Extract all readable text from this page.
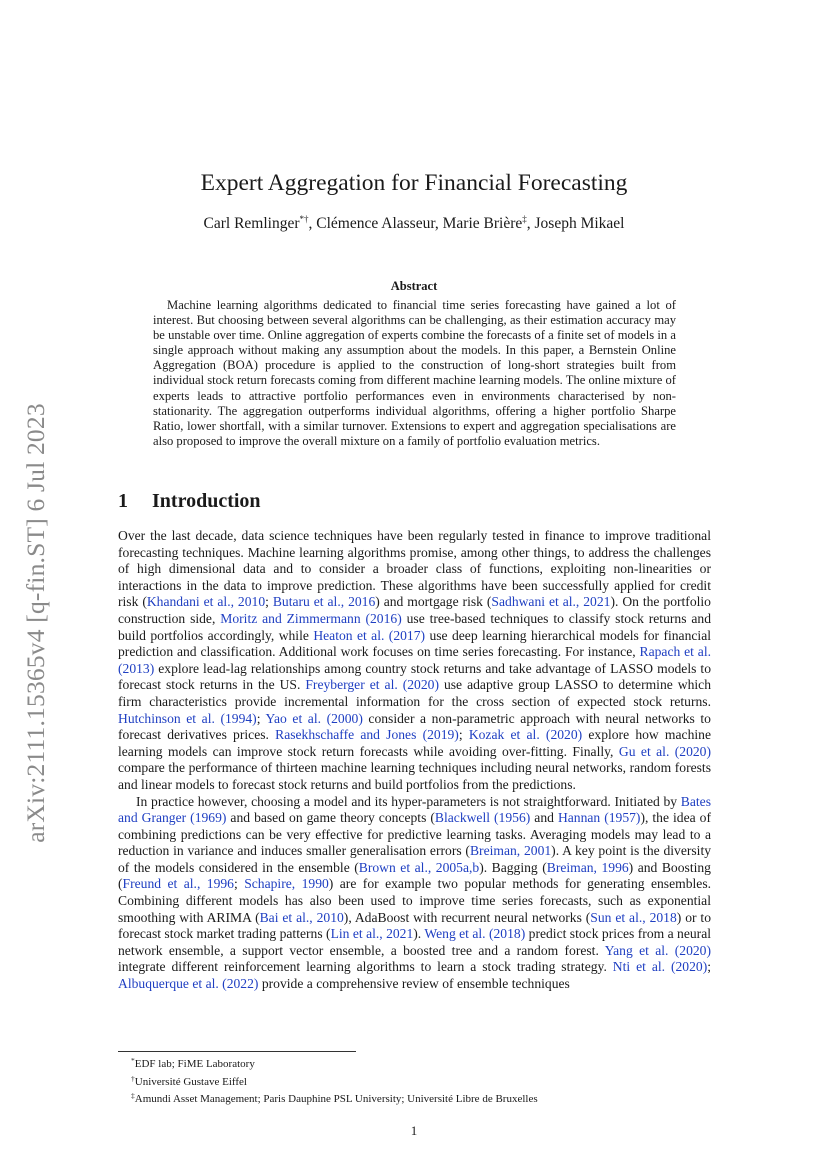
arXiv:2111.15365v4 [q-fin.ST] 6 Jul 2023
Expert Aggregation for Financial Forecasting
Carl Remlinger*†, Clémence Alasseur, Marie Brière‡, Joseph Mikael
Abstract

Machine learning algorithms dedicated to financial time series forecasting have gained a lot of interest. But choosing between several algorithms can be challenging, as their estimation accuracy may be unstable over time. Online aggregation of experts combine the forecasts of a finite set of models in a single approach without making any assumption about the models. In this paper, a Bernstein Online Aggregation (BOA) procedure is applied to the construction of long-short strategies built from individual stock return forecasts coming from different machine learning models. The online mixture of experts leads to attractive portfolio performances even in environments characterised by non-stationarity. The aggregation outperforms individual algorithms, offering a higher portfolio Sharpe Ratio, lower shortfall, with a similar turnover. Extensions to expert and aggregation specialisations are also proposed to improve the overall mixture on a family of portfolio evaluation metrics.

1 Introduction

Over the last decade, data science techniques have been regularly tested in finance to improve traditional forecasting techniques. Machine learning algorithms promise, among other things, to address the challenges of high dimensional data and to consider a broader class of functions, exploiting non-linearities or interactions in the data to improve prediction. These algorithms have been successfully applied for credit risk (Khandani et al., 2010; Butaru et al., 2016) and mortgage risk (Sadhwani et al., 2021). On the portfolio construction side, Moritz and Zimmermann (2016) use tree-based techniques to classify stock returns and build portfolios accordingly, while Heaton et al. (2017) use deep learning hierarchical models for financial prediction and classification. Additional work focuses on time series forecasting. For instance, Rapach et al. (2013) explore lead-lag relationships among country stock returns and take advantage of LASSO models to forecast stock returns in the US. Freyberger et al. (2020) use adaptive group LASSO to determine which firm characteristics provide incremental information for the cross section of expected stock returns. Hutchinson et al. (1994); Yao et al. (2000) consider a non-parametric approach with neural networks to forecast derivatives prices. Rasekhschaffe and Jones (2019); Kozak et al. (2020) explore how machine learning models can improve stock return forecasts while avoiding over-fitting. Finally, Gu et al. (2020) compare the performance of thirteen machine learning techniques including neural networks, random forests and linear models to forecast stock returns and build portfolios from the predictions.

In practice however, choosing a model and its hyper-parameters is not straightforward. Initiated by Bates and Granger (1969) and based on game theory concepts (Blackwell (1956) and Hannan (1957)), the idea of combining predictions can be very effective for predictive learning tasks. Averaging models may lead to a reduction in variance and induces smaller generalisation errors (Breiman, 2001). A key point is the diversity of the models considered in the ensemble (Brown et al., 2005a,b). Bagging (Breiman, 1996) and Boosting (Freund et al., 1996; Schapire, 1990) are for example two popular methods for generating ensembles. Combining different models has also been used to improve time series forecasts, such as exponential smoothing with ARIMA (Bai et al., 2010), AdaBoost with recurrent neural networks (Sun et al., 2018) or to forecast stock market trading patterns (Lin et al., 2021). Weng et al. (2018) predict stock prices from a neural network ensemble, a support vector ensemble, a boosted tree and a random forest. Yang et al. (2020) integrate different reinforcement learning algorithms to learn a stock trading strategy. Nti et al. (2020); Albuquerque et al. (2022) provide a comprehensive review of ensemble techniques

*EDF lab; FiME Laboratory
†Université Gustave Eiffel
‡Amundi Asset Management; Paris Dauphine PSL University; Université Libre de Bruxelles
1
